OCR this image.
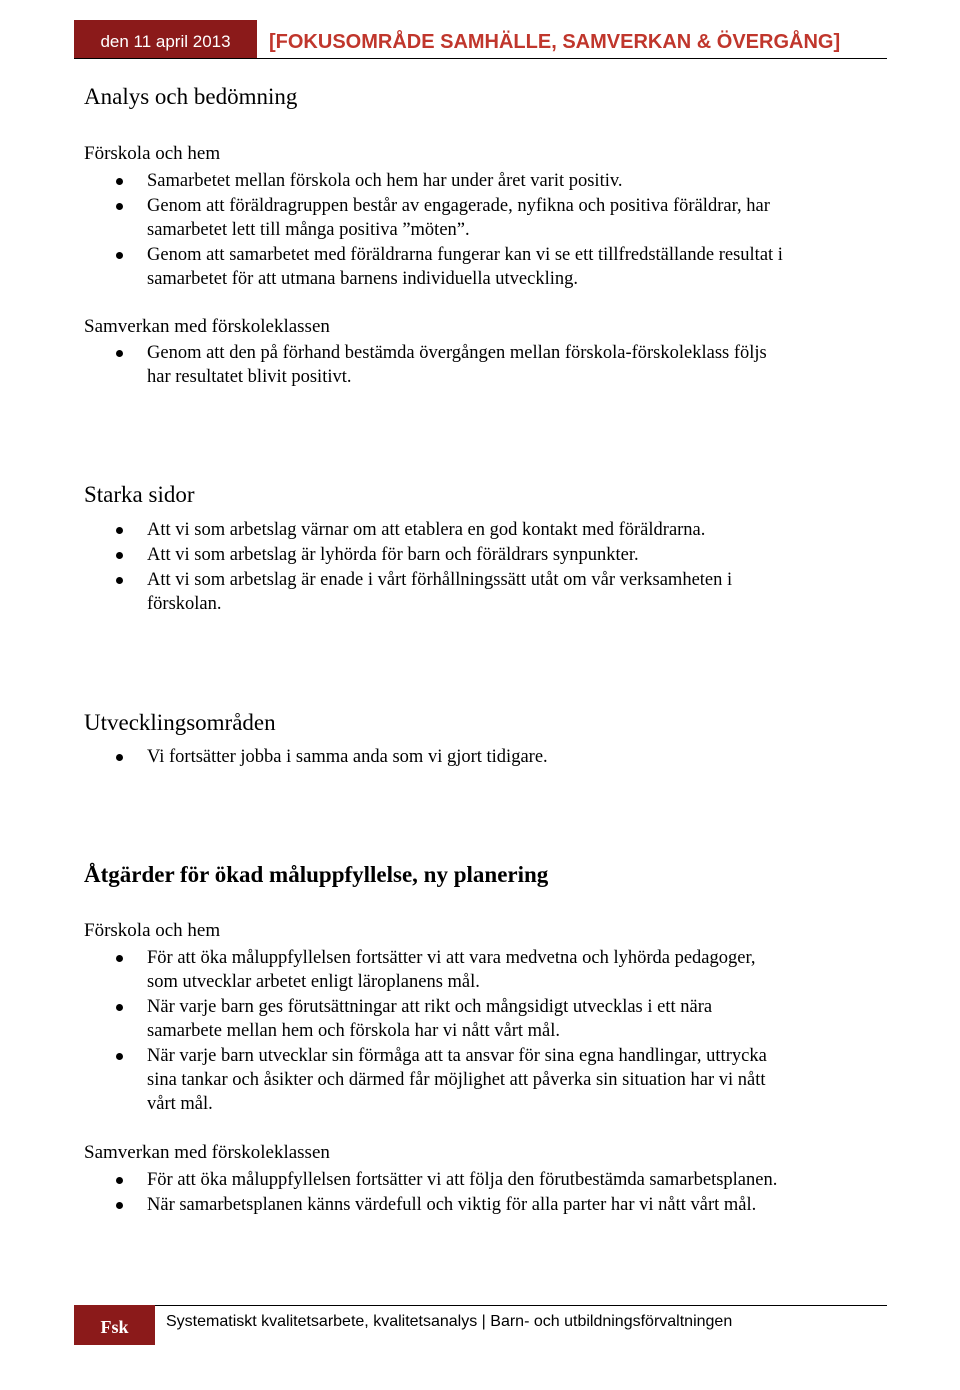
den 11 april 2013	[FOKUSOMRÅDE SAMHÄLLE, SAMVERKAN & ÖVERGÅNG]
Analys och bedömning
Förskola och hem
Samarbetet mellan förskola och hem har under året varit positiv.
Genom att föräldragruppen består av engagerade, nyfikna och positiva föräldrar, har
samarbetet lett till många positiva ”möten”.
Genom att samarbetet med föräldrarna fungerar kan vi se ett tillfredställande resultat i
samarbetet för att utmana barnens individuella utveckling.
Samverkan med förskoleklassen
Genom att den på förhand bestämda övergången mellan förskola-förskoleklass följs
har resultatet blivit positivt.
Starka sidor
Att vi som arbetslag värnar om att etablera en god kontakt med föräldrarna.
Att vi som arbetslag är lyhörda för barn och föräldrars synpunkter.
Att vi som arbetslag är enade i vårt förhållningssätt utåt om vår verksamheten i
förskolan.
Utvecklingsområden
Vi fortsätter jobba i samma anda som vi gjort tidigare.
Åtgärder för ökad måluppfyllelse, ny planering
Förskola och hem
För att öka måluppfyllelsen fortsätter vi att vara medvetna och lyhörda pedagoger,
som utvecklar arbetet enligt läroplanens mål.
När varje barn ges förutsättningar att rikt och mångsidigt utvecklas i ett nära
samarbete mellan hem och förskola har vi nått vårt mål.
När varje barn utvecklar sin förmåga att ta ansvar för sina egna handlingar, uttrycka
sina tankar och åsikter och därmed får möjlighet att påverka sin situation har vi nått
vårt mål.
Samverkan med förskoleklassen
För att öka måluppfyllelsen fortsätter vi att följa den förutbestämda samarbetsplanen.
När samarbetsplanen känns värdefull och viktig för alla parter har vi nått vårt mål.
Fsk	Systematiskt kvalitetsarbete, kvalitetsanalys | Barn- och utbildningsförvaltningen
